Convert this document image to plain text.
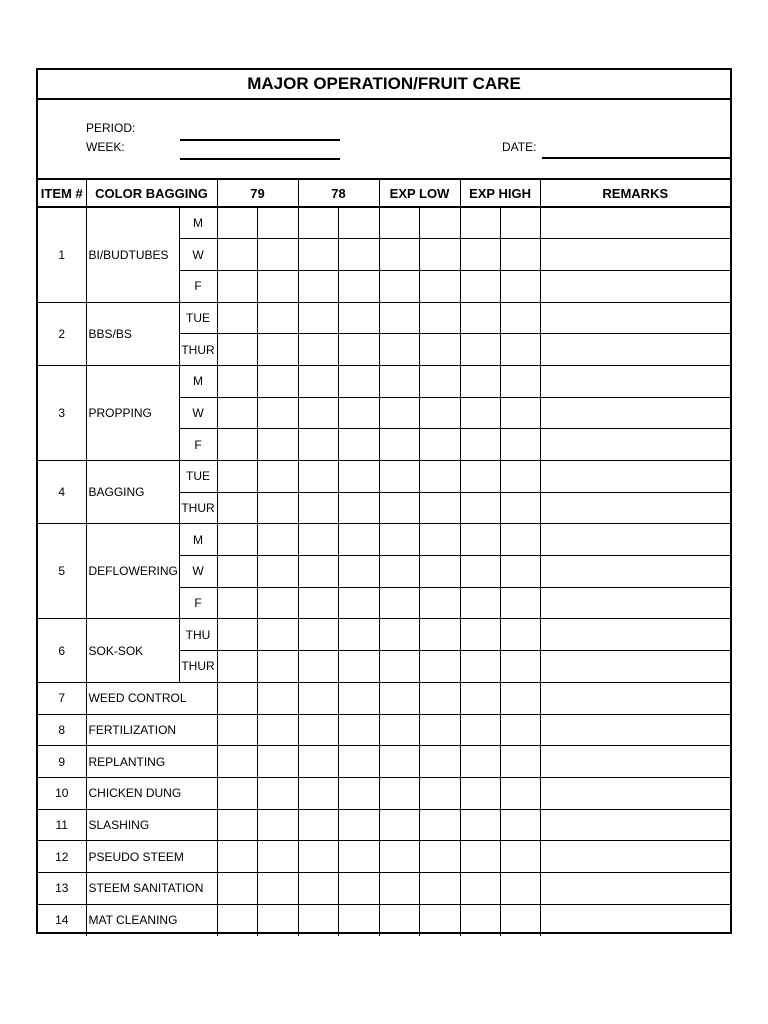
MAJOR OPERATION/FRUIT CARE
PERIOD:
WEEK:	DATE:
ITEM #	COLOR BAGGING		79		78		EXP LOW		EXP HIGH		REMARKS
1	BI/BUDTUBES	M									
		W									
		F									
2	BBS/BS	TUE									
		THUR									
3	PROPPING	M									
		W									
		F									
4	BAGGING	TUE									
		THUR									
5	DEFLOWERING	M									
		W									
		F									
6	SOK-SOK	THU									
		THUR									
7	WEED CONTROL										
8	FERTILIZATION										
9	REPLANTING										
10	CHICKEN DUNG										
11	SLASHING										
12	PSEUDO STEEM										
13	STEEM SANITATION										
14	MAT CLEANING										
